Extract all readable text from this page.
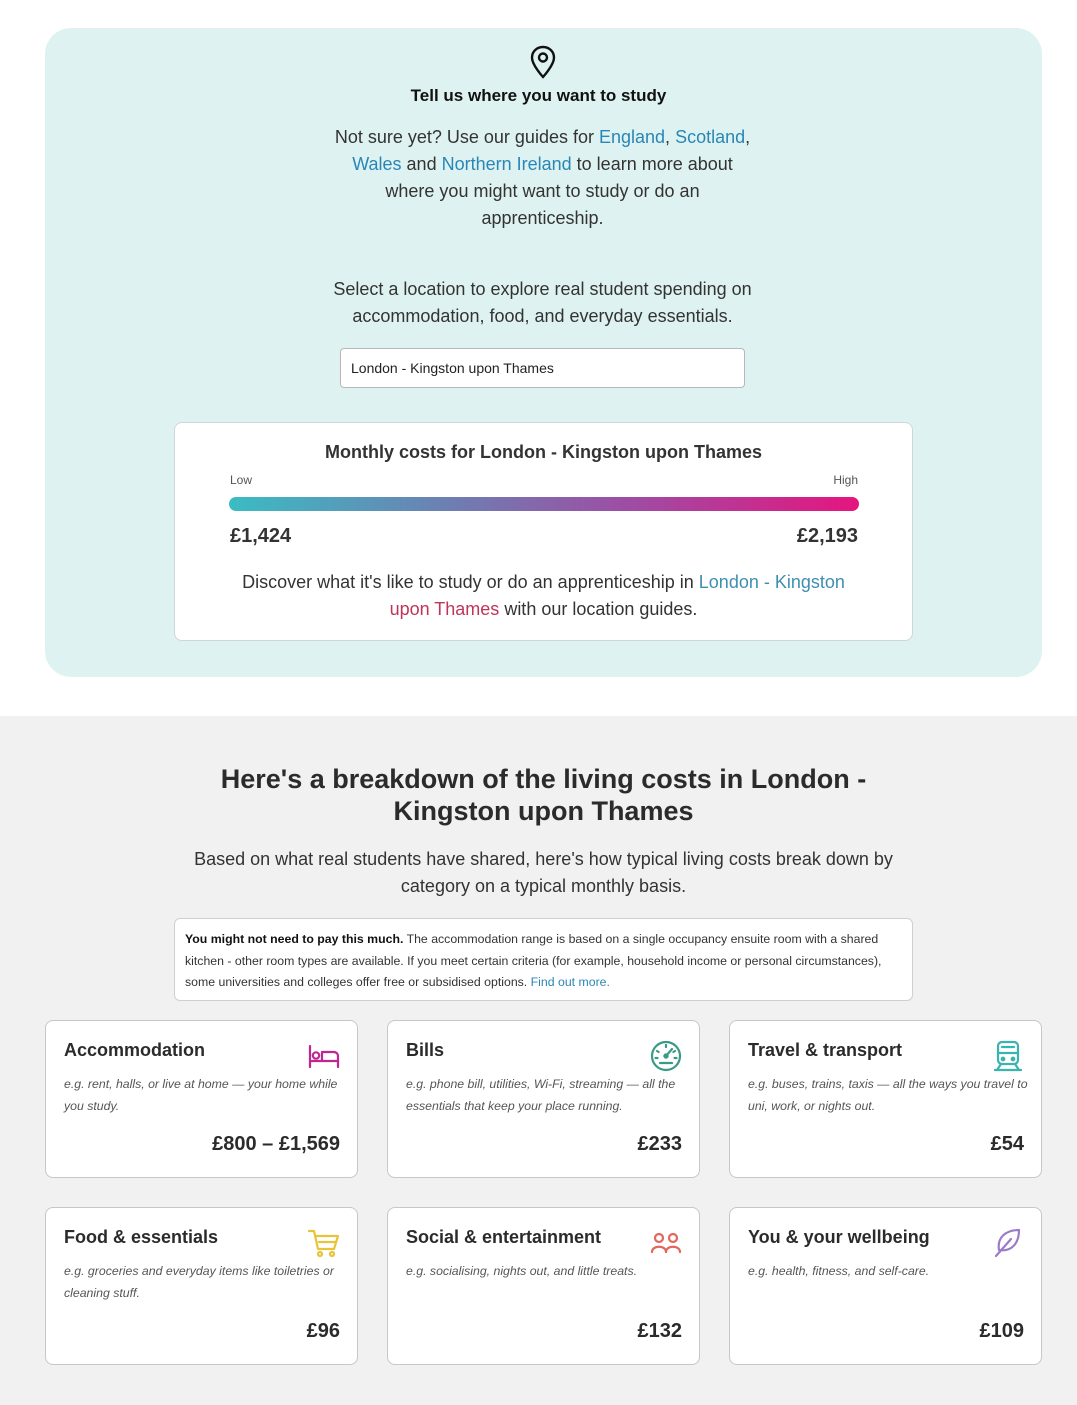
Tell us where you want to study
Not sure yet? Use our guides for England, Scotland,
Wales and Northern Ireland to learn more about where you might want to study or do an apprenticeship.
Select a location to explore real student spending on accommodation, food, and everyday essentials.
London - Kingston upon Thames
Monthly costs for London - Kingston upon Thames
Low	High
£1,424	£2,193
Discover what it's like to study or do an apprenticeship in London - Kingston
upon Thames with our location guides.
Here's a breakdown of the living costs in London - Kingston upon Thames
Based on what real students have shared, here's how typical living costs break down by category on a typical monthly basis.
You might not need to pay this much. The accommodation range is based on a single occupancy ensuite room with a shared kitchen - other room types are available. If you meet certain criteria (for example, household income or personal circumstances), some universities and colleges offer free or subsidised options. Find out more.
Accommodation
e.g. rent, halls, or live at home — your home while you study.
£800 – £1,569
Bills
e.g. phone bill, utilities, Wi-Fi, streaming — all the essentials that keep your place running.
£233
Travel & transport
e.g. buses, trains, taxis — all the ways you travel to uni, work, or nights out.
£54
Food & essentials
e.g. groceries and everyday items like toiletries or cleaning stuff.
£96
Social & entertainment
e.g. socialising, nights out, and little treats.
£132
You & your wellbeing
e.g. health, fitness, and self-care.
£109
